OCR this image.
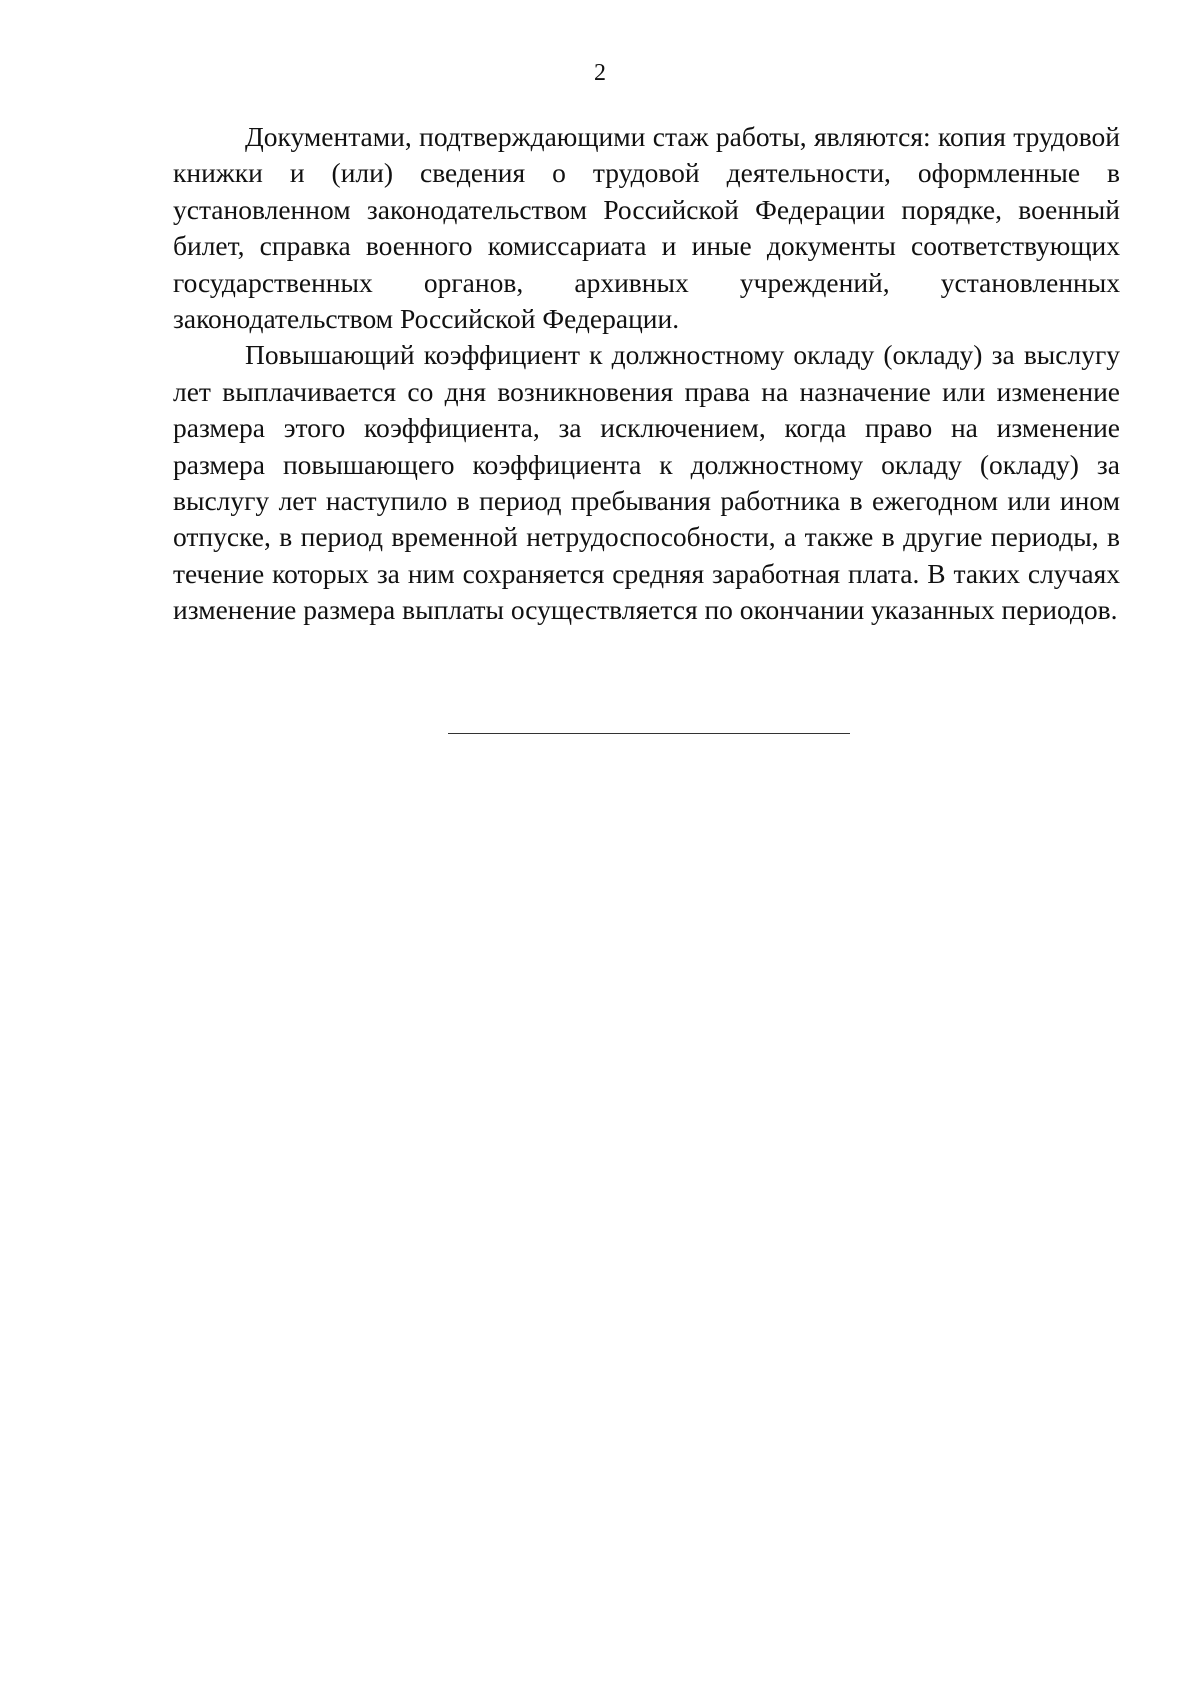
2

Документами, подтверждающими стаж работы, являются: копия трудовой книжки и (или) сведения о трудовой деятельности, оформленные в установленном законодательством Российской Федерации порядке, военный билет, справка военного комиссариата и иные документы соответствующих государственных органов, архивных учреждений, установленных законодательством Российской Федерации.

Повышающий коэффициент к должностному окладу (окладу) за выслугу лет выплачивается со дня возникновения права на назначение или изменение размера этого коэффициента, за исключением, когда право на изменение размера повышающего коэффициента к должностному окладу (окладу) за выслугу лет наступило в период пребывания работника в ежегодном или ином отпуске, в период временной нетрудоспособности, а также в другие периоды, в течение которых за ним сохраняется средняя заработная плата. В таких случаях изменение размера выплаты осуществляется по окончании указанных периодов.
